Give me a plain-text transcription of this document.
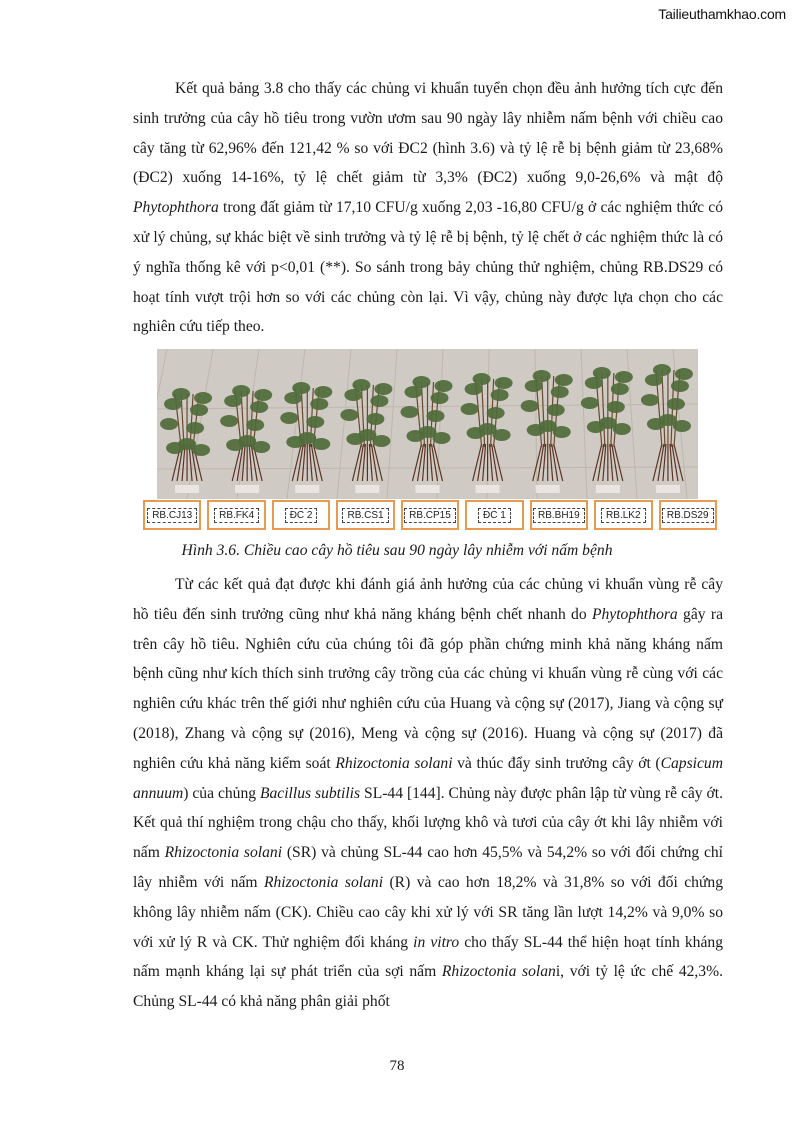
Tailieuthamkhao.com

Kết quả bảng 3.8 cho thấy các chủng vi khuẩn tuyển chọn đều ảnh hưởng tích cực đến sinh trưởng của cây hồ tiêu trong vườn ươm sau 90 ngày lây nhiễm nấm bệnh với chiều cao cây tăng từ 62,96% đến 121,42 % so với ĐC2 (hình 3.6) và tỷ lệ rễ bị bệnh giảm từ 23,68% (ĐC2) xuống 14-16%, tỷ lệ chết giảm từ 3,3% (ĐC2) xuống 9,0-26,6% và mật độ Phytophthora trong đất giảm từ 17,10 CFU/g xuống 2,03 -16,80 CFU/g ở các nghiệm thức có xử lý chủng, sự khác biệt về sinh trưởng và tỷ lệ rễ bị bệnh, tỷ lệ chết ở các nghiệm thức là có ý nghĩa thống kê với p<0,01 (**). So sánh trong bảy chủng thử nghiệm, chủng RB.DS29 có hoạt tính vượt trội hơn so với các chủng còn lại. Vì vậy, chủng này được lựa chọn cho các nghiên cứu tiếp theo.

RB.CJ13	RB.FK4	ĐC 2	RB.CS1	RB.CP15	ĐC 1	RB.BH19	RB.LK2	RB.DS29
Hình 3.6. Chiều cao cây hồ tiêu sau 90 ngày lây nhiễm với nấm bệnh

Từ các kết quả đạt được khi đánh giá ảnh hưởng của các chủng vi khuẩn vùng rễ cây hồ tiêu đến sinh trưởng cũng như khả năng kháng bệnh chết nhanh do Phytophthora gây ra trên cây hồ tiêu. Nghiên cứu của chúng tôi đã góp phần chứng minh khả năng kháng nấm bệnh cũng như kích thích sinh trưởng cây trồng của các chủng vi khuẩn vùng rễ cùng với các nghiên cứu khác trên thế giới như nghiên cứu của Huang và cộng sự (2017), Jiang và cộng sự (2018), Zhang và cộng sự (2016), Meng và cộng sự (2016). Huang và cộng sự (2017) đã nghiên cứu khả năng kiểm soát Rhizoctonia solani và thúc đẩy sinh trưởng cây ớt (Capsicum annuum) của chủng Bacillus subtilis SL-44 [144]. Chủng này được phân lập từ vùng rễ cây ớt. Kết quả thí nghiệm trong chậu cho thấy, khối lượng khô và tươi của cây ớt khi lây nhiễm với nấm Rhizoctonia solani (SR) và chủng SL-44 cao hơn 45,5% và 54,2% so với đối chứng chỉ lây nhiễm với nấm Rhizoctonia solani (R) và cao hơn 18,2% và 31,8% so với đối chứng không lây nhiễm nấm (CK). Chiều cao cây khi xử lý với SR tăng lần lượt 14,2% và 9,0% so với xử lý R và CK. Thử nghiệm đối kháng in vitro cho thấy SL-44 thể hiện hoạt tính kháng nấm mạnh kháng lại sự phát triển của sợi nấm Rhizoctonia solani, với tỷ lệ ức chế 42,3%. Chủng SL-44 có khả năng phân giải phốt

78
